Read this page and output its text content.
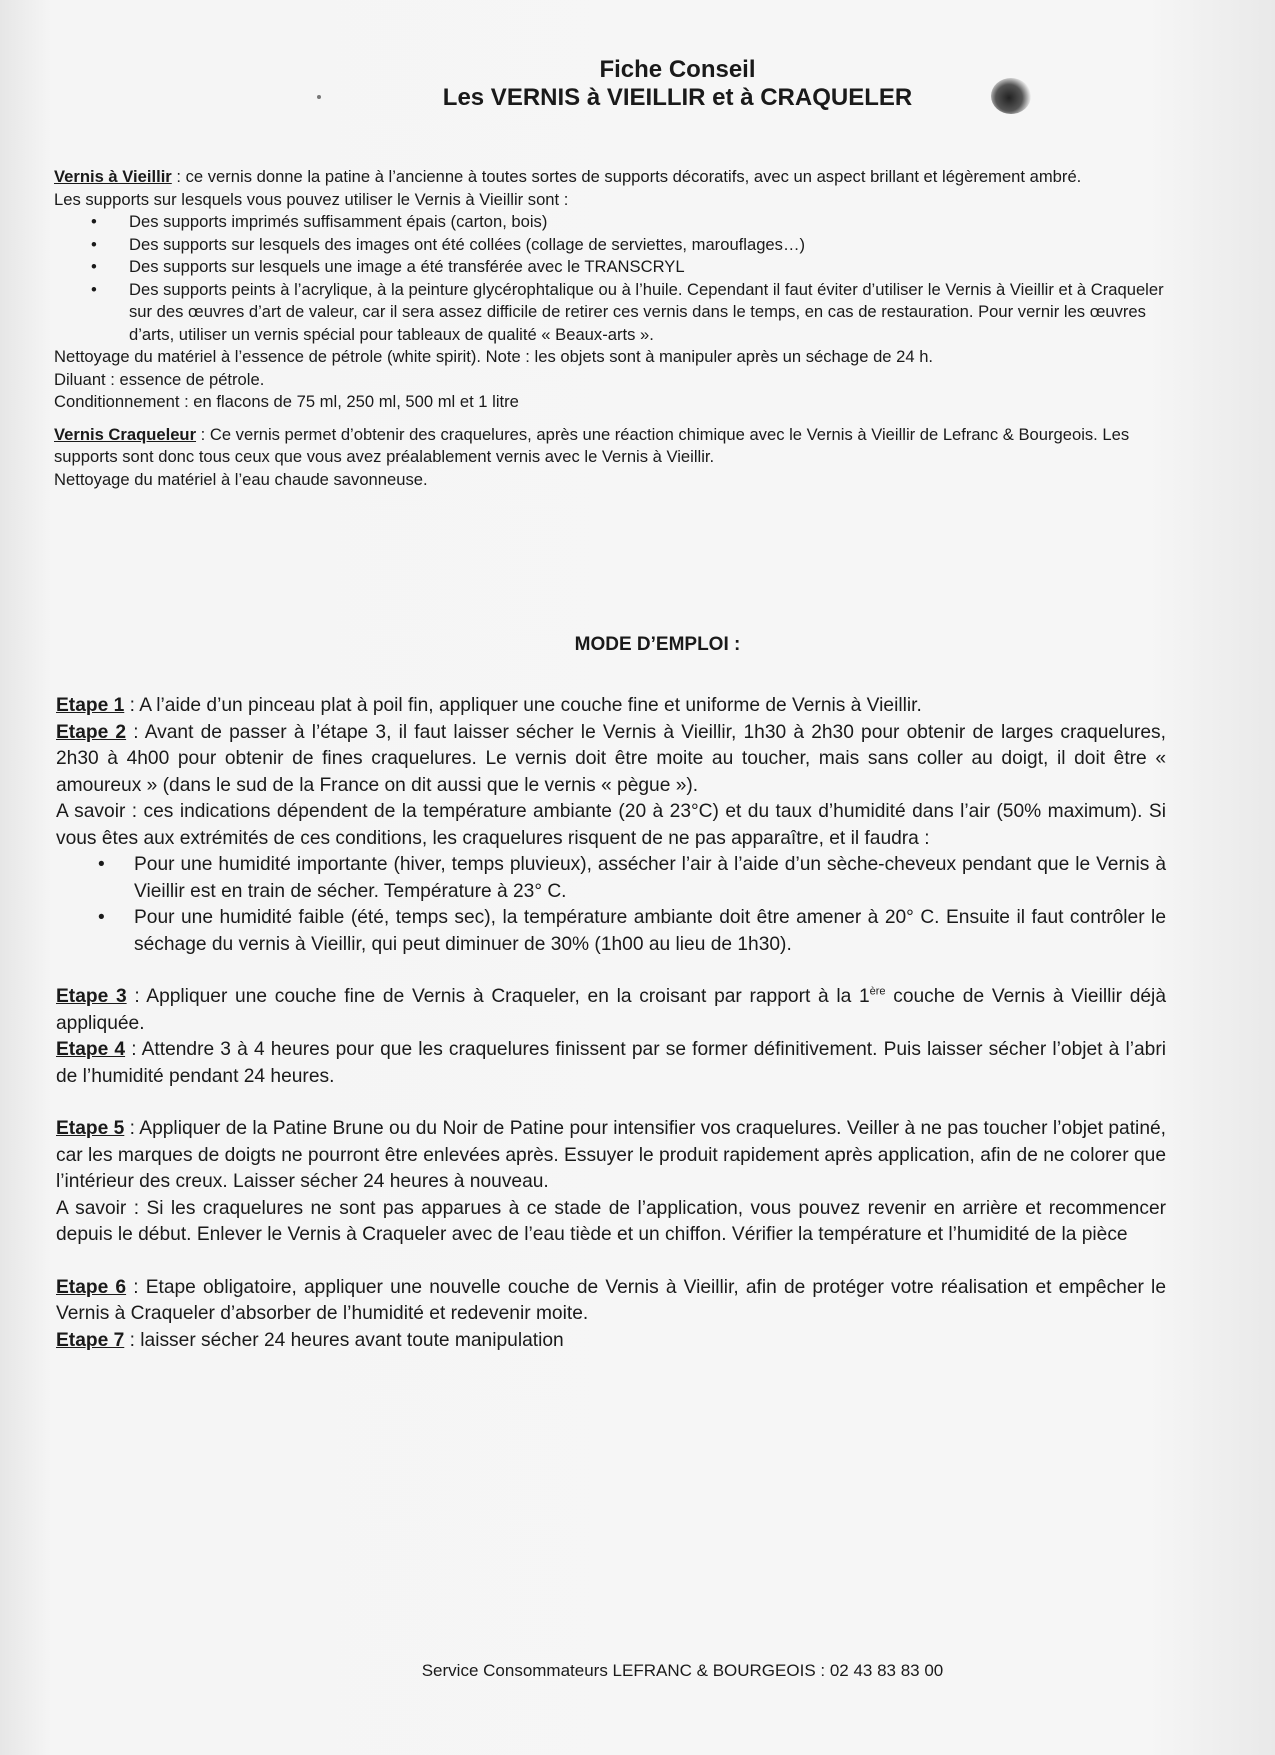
Fiche Conseil

Les VERNIS à VIEILLIR et à CRAQUELER

Vernis à Vieillir : ce vernis donne la patine à l’ancienne à toutes sortes de supports décoratifs, avec un aspect brillant et légèrement ambré.

Les supports sur lesquels vous pouvez utiliser le Vernis à Vieillir sont :

• Des supports imprimés suffisamment épais (carton, bois)
• Des supports sur lesquels des images ont été collées (collage de serviettes, marouflages…)
• Des supports sur lesquels une image a été transférée avec le TRANSCRYL
• Des supports peints à l’acrylique, à la peinture glycérophtalique ou à l’huile. Cependant il faut éviter d’utiliser le Vernis à Vieillir et à Craqueler sur des œuvres d’art de valeur, car il sera assez difficile de retirer ces vernis dans le temps, en cas de restauration. Pour vernir les œuvres d’arts, utiliser un vernis spécial pour tableaux de qualité « Beaux-arts ».

Nettoyage du matériel à l’essence de pétrole (white spirit). Note : les objets sont à manipuler après un séchage de 24 h.

Diluant : essence de pétrole.

Conditionnement : en flacons de 75 ml, 250 ml, 500 ml et 1 litre

Vernis Craqueleur : Ce vernis permet d’obtenir des craquelures, après une réaction chimique avec le Vernis à Vieillir de Lefranc & Bourgeois. Les supports sont donc tous ceux que vous avez préalablement vernis avec le Vernis à Vieillir.

Nettoyage du matériel à l’eau chaude savonneuse.

MODE D’EMPLOI :

Etape 1 : A l’aide d’un pinceau plat à poil fin, appliquer une couche fine et uniforme de Vernis à Vieillir.

Etape 2 : Avant de passer à l’étape 3, il faut laisser sécher le Vernis à Vieillir, 1h30 à 2h30 pour obtenir de larges craquelures, 2h30 à 4h00 pour obtenir de fines craquelures. Le vernis doit être moite au toucher, mais sans coller au doigt, il doit être « amoureux » (dans le sud de la France on dit aussi que le vernis « pègue »).

A savoir : ces indications dépendent de la température ambiante (20 à 23°C) et du taux d’humidité dans l’air (50% maximum). Si vous êtes aux extrémités de ces conditions, les craquelures risquent de ne pas apparaître, et il faudra :

• Pour une humidité importante (hiver, temps pluvieux), assécher l’air à l’aide d’un sèche-cheveux pendant que le Vernis à Vieillir est en train de sécher. Température à 23° C.
• Pour une humidité faible (été, temps sec), la température ambiante doit être amener à 20° C. Ensuite il faut contrôler le séchage du vernis à Vieillir, qui peut diminuer de 30% (1h00 au lieu de 1h30).

Etape 3 : Appliquer une couche fine de Vernis à Craqueler, en la croisant par rapport à la 1ère couche de Vernis à Vieillir déjà appliquée.

Etape 4 : Attendre 3 à 4 heures pour que les craquelures finissent par se former définitivement. Puis laisser sécher l’objet à l’abri de l’humidité pendant 24 heures.

Etape 5 : Appliquer de la Patine Brune ou du Noir de Patine pour intensifier vos craquelures. Veiller à ne pas toucher l’objet patiné, car les marques de doigts ne pourront être enlevées après. Essuyer le produit rapidement après application, afin de ne colorer que l’intérieur des creux. Laisser sécher 24 heures à nouveau.

A savoir : Si les craquelures ne sont pas apparues à ce stade de l’application, vous pouvez revenir en arrière et recommencer depuis le début. Enlever le Vernis à Craqueler avec de l’eau tiède et un chiffon. Vérifier la température et l’humidité de la pièce

Etape 6 : Etape obligatoire, appliquer une nouvelle couche de Vernis à Vieillir, afin de protéger votre réalisation et empêcher le Vernis à Craqueler d’absorber de l’humidité et redevenir moite.

Etape 7 : laisser sécher 24 heures avant toute manipulation

Service Consommateurs LEFRANC & BOURGEOIS : 02 43 83 83 00
